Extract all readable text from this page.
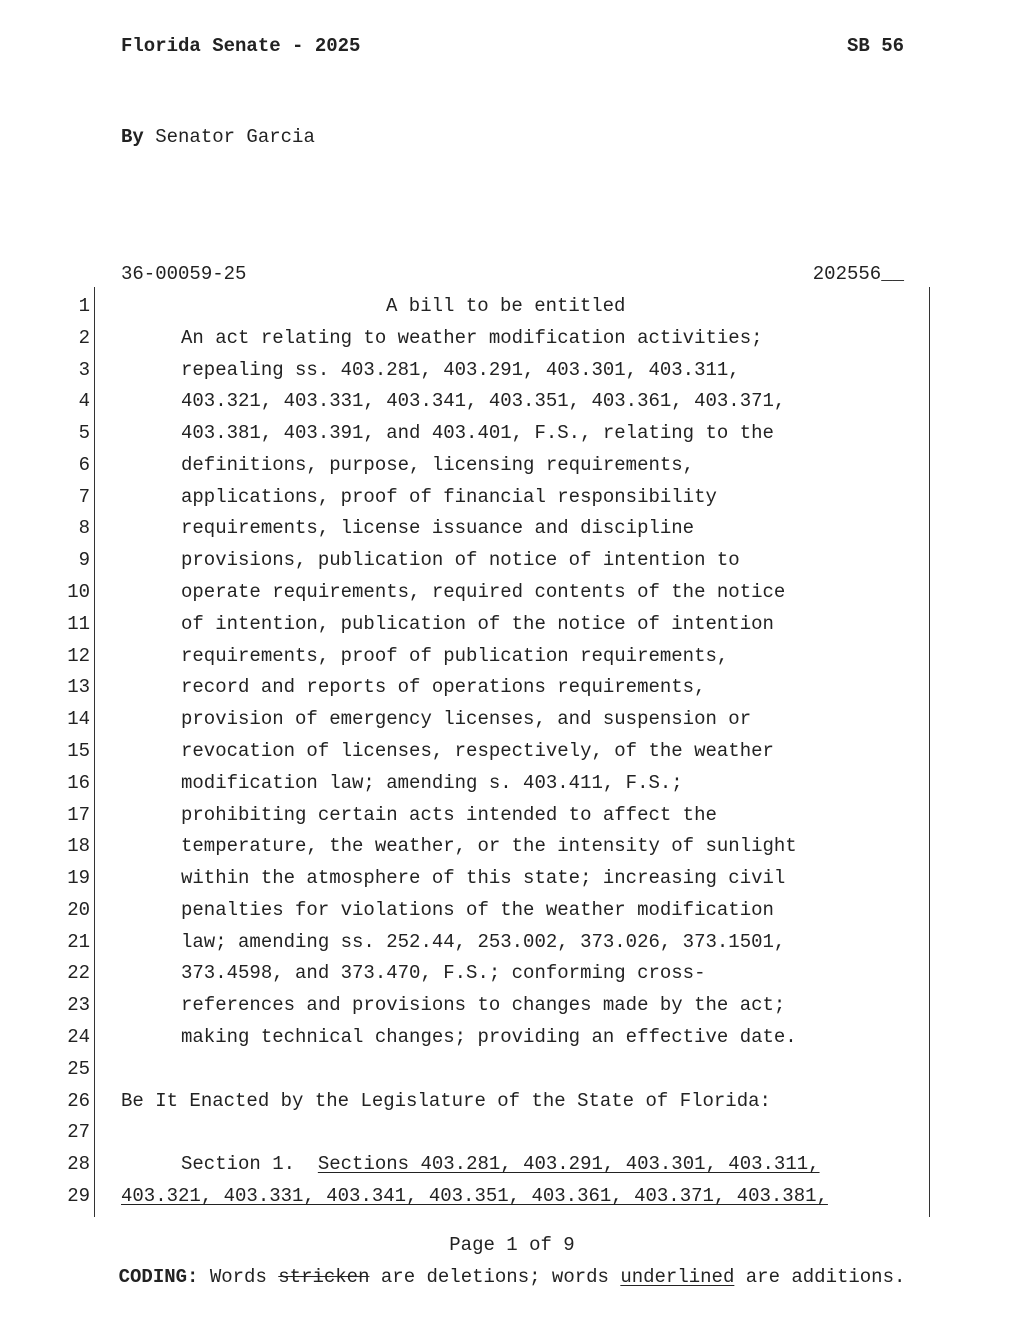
Florida Senate - 2025	SB 56
By Senator Garcia
36-00059-25	202556__
1	A bill to be entitled
2	An act relating to weather modification activities;
3	repealing ss. 403.281, 403.291, 403.301, 403.311,
4	403.321, 403.331, 403.341, 403.351, 403.361, 403.371,
5	403.381, 403.391, and 403.401, F.S., relating to the
6	definitions, purpose, licensing requirements,
7	applications, proof of financial responsibility
8	requirements, license issuance and discipline
9	provisions, publication of notice of intention to
10	operate requirements, required contents of the notice
11	of intention, publication of the notice of intention
12	requirements, proof of publication requirements,
13	record and reports of operations requirements,
14	provision of emergency licenses, and suspension or
15	revocation of licenses, respectively, of the weather
16	modification law; amending s. 403.411, F.S.;
17	prohibiting certain acts intended to affect the
18	temperature, the weather, or the intensity of sunlight
19	within the atmosphere of this state; increasing civil
20	penalties for violations of the weather modification
21	law; amending ss. 252.44, 253.002, 373.026, 373.1501,
22	373.4598, and 373.470, F.S.; conforming cross-
23	references and provisions to changes made by the act;
24	making technical changes; providing an effective date.
25
26 Be It Enacted by the Legislature of the State of Florida:
27
28	Section 1. Sections 403.281, 403.291, 403.301, 403.311,
29 403.321, 403.331, 403.341, 403.351, 403.361, 403.371, 403.381,
Page 1 of 9
CODING: Words stricken are deletions; words underlined are additions.
